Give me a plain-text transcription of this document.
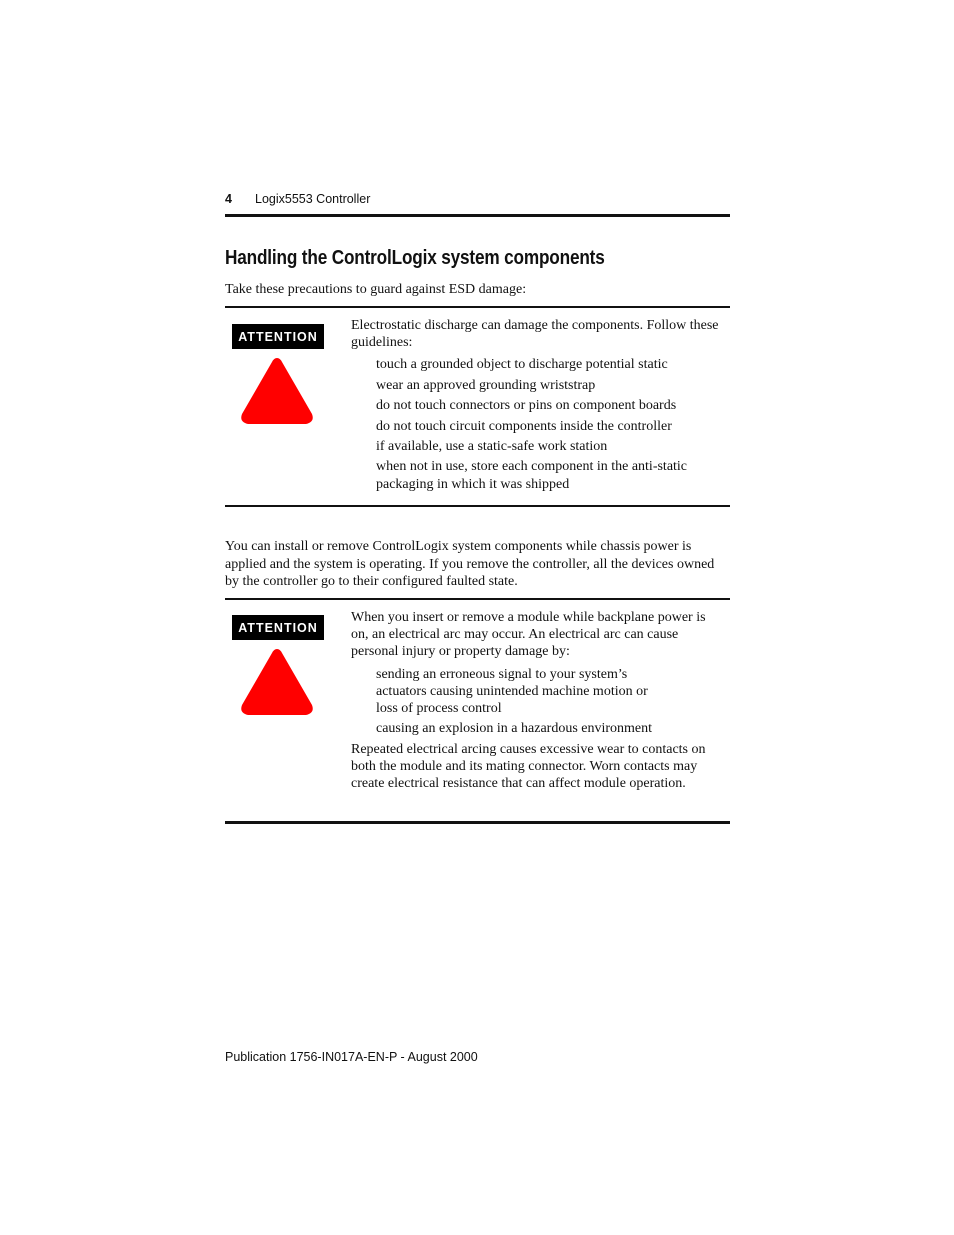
4 Logix5553 Controller
Handling the ControlLogix system components
Take these precautions to guard against ESD damage:
ATTENTION

Electrostatic discharge can damage the components. Follow these guidelines:

touch a grounded object to discharge potential static
wear an approved grounding wriststrap
do not touch connectors or pins on component boards
do not touch circuit components inside the controller
if available, use a static-safe work station
when not in use, store each component in the anti-static packaging in which it was shipped
You can install or remove ControlLogix system components while chassis power is applied and the system is operating. If you remove the controller, all the devices owned by the controller go to their configured faulted state.
ATTENTION

When you insert or remove a module while backplane power is on, an electrical arc may occur. An electrical arc can cause personal injury or property damage by:

sending an erroneous signal to your system’s actuators causing unintended machine motion or loss of process control
causing an explosion in a hazardous environment

Repeated electrical arcing causes excessive wear to contacts on both the module and its mating connector. Worn contacts may create electrical resistance that can affect module operation.

Publication 1756-IN017A-EN-P - August 2000
